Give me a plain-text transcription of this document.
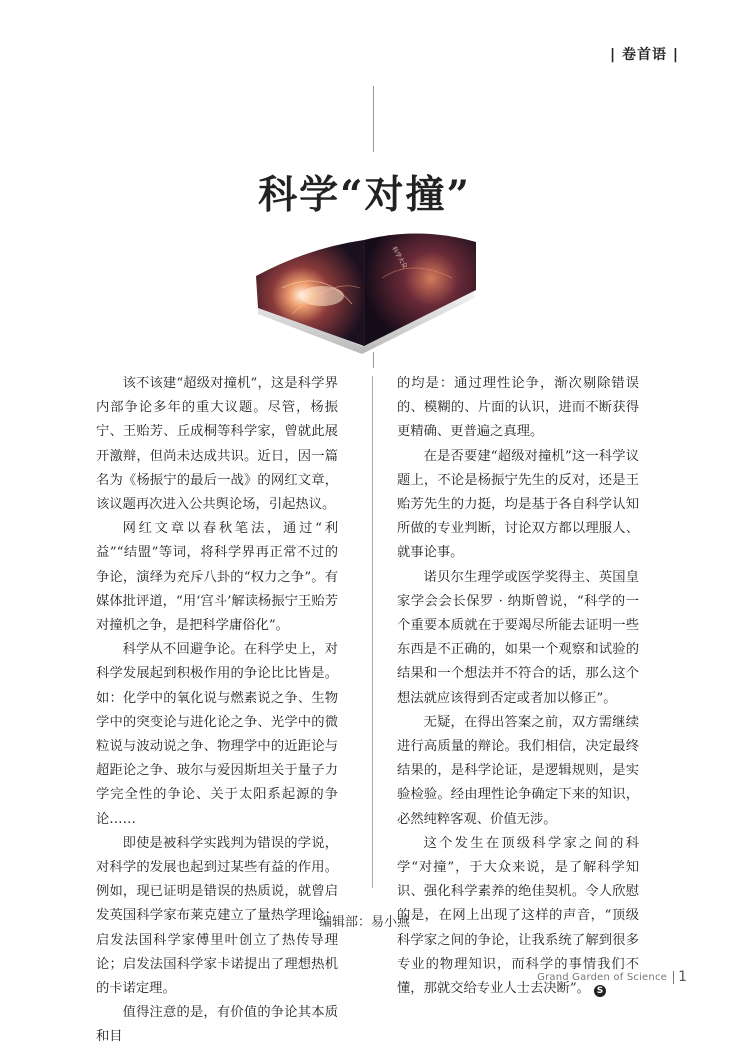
| 卷首语 |
科学“对撞”
科学大众

该不该建“超级对撞机”，这是科学界内部争论多年的重大议题。尽管，杨振宁、王贻芳、丘成桐等科学家，曾就此展开激辩，但尚未达成共识。近日，因一篇名为《杨振宁的最后一战》的网红文章，该议题再次进入公共舆论场，引起热议。

网红文章以春秋笔法，通过“利益”“结盟”等词，将科学界再正常不过的争论，演绎为充斥八卦的“权力之争”。有媒体批评道，“用‘宫斗’解读杨振宁王贻芳对撞机之争，是把科学庸俗化”。

科学从不回避争论。在科学史上，对科学发展起到积极作用的争论比比皆是。如：化学中的氧化说与燃素说之争、生物学中的突变论与进化论之争、光学中的微粒说与波动说之争、物理学中的近距论与超距论之争、玻尔与爱因斯坦关于量子力学完全性的争论、关于太阳系起源的争论……

即使是被科学实践判为错误的学说，对科学的发展也起到过某些有益的作用。例如，现已证明是错误的热质说，就曾启发英国科学家布莱克建立了量热学理论；启发法国科学家傅里叶创立了热传导理论；启发法国科学家卡诺提出了理想热机的卡诺定理。

值得注意的是，有价值的争论其本质和目

的均是：通过理性论争，渐次剔除错误的、模糊的、片面的认识，进而不断获得更精确、更普遍之真理。

在是否要建“超级对撞机”这一科学议题上，不论是杨振宁先生的反对，还是王贻芳先生的力挺，均是基于各自科学认知所做的专业判断，讨论双方都以理服人、就事论事。

诺贝尔生理学或医学奖得主、英国皇家学会会长保罗 · 纳斯曾说，“科学的一个重要本质就在于要竭尽所能去证明一些东西是不正确的，如果一个观察和试验的结果和一个想法并不符合的话，那么这个想法就应该得到否定或者加以修正”。

无疑，在得出答案之前，双方需继续进行高质量的辩论。我们相信，决定最终结果的，是科学论证，是逻辑规则，是实验检验。经由理性论争确定下来的知识，必然纯粹客观、价值无涉。

这个发生在顶级科学家之间的科学“对撞”，于大众来说，是了解科学知识、强化科学素养的绝佳契机。令人欣慰的是，在网上出现了这样的声音，“顶级科学家之间的争论，让我系统了解到很多专业的物理知识，而科学的事情我们不懂，那就交给专业人士去决断”。 S

编辑部：易小燕
Grand Garden of Science 1
